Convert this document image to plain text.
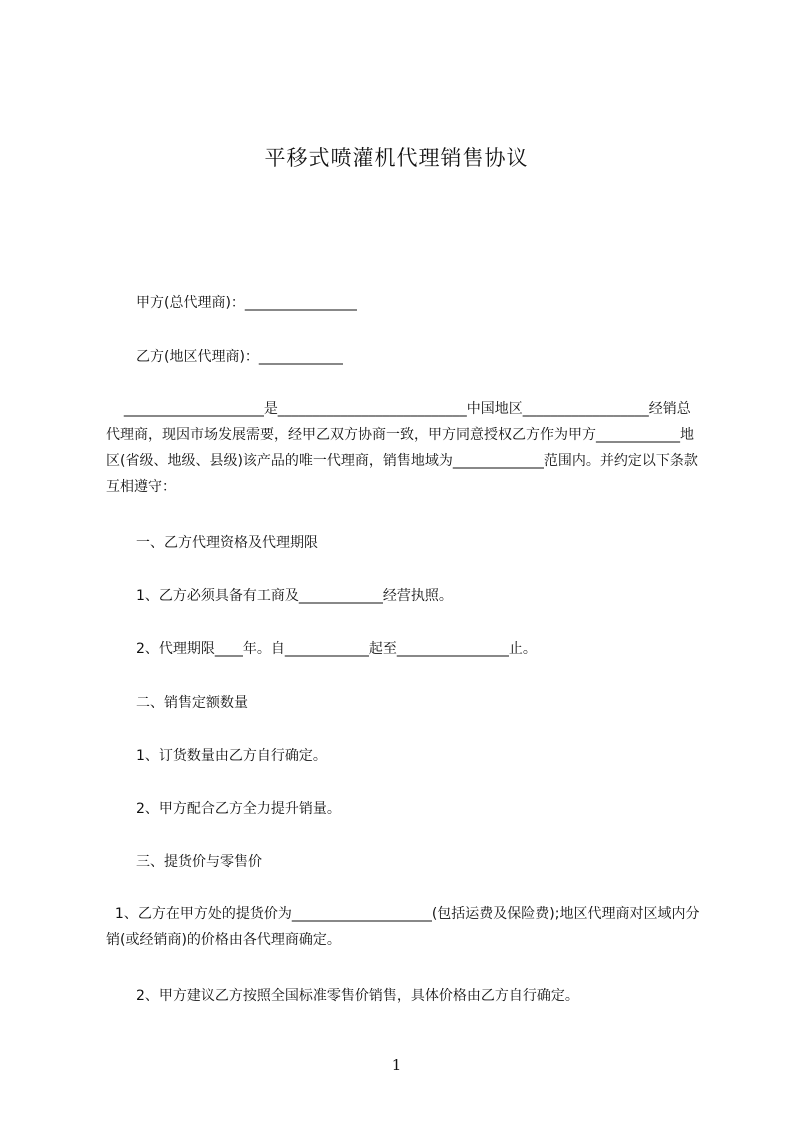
平移式喷灌机代理销售协议
甲方(总代理商)：________________
乙方(地区代理商)：____________
____________________是___________________________中国地区__________________经销总代理商，现因市场发展需要，经甲乙双方协商一致，甲方同意授权乙方作为甲方____________地区(省级、地级、县级)该产品的唯一代理商，销售地域为_____________范围内。并约定以下条款互相遵守：
一、乙方代理资格及代理期限
1、乙方必须具备有工商及____________经营执照。
2、代理期限____年。自____________起至________________止。
二、销售定额数量
1、订货数量由乙方自行确定。
2、甲方配合乙方全力提升销量。
三、提货价与零售价
1、乙方在甲方处的提货价为____________________(包括运费及保险费);地区代理商对区域内分销(或经销商)的价格由各代理商确定。
2、甲方建议乙方按照全国标准零售价销售，具体价格由乙方自行确定。
1
